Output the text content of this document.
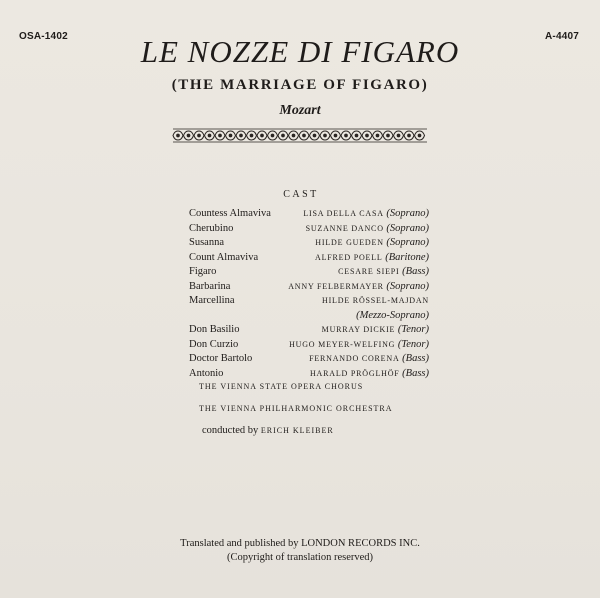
OSA-1402	A-4407
LE NOZZE DI FIGARO
(THE MARRIAGE OF FIGARO)
Mozart
CAST
Countess Almaviva	LISA DELLA CASA (Soprano)
Cherubino	SUZANNE DANCO (Soprano)
Susanna	HILDE GUEDEN (Soprano)
Count Almaviva	ALFRED POELL (Baritone)
Figaro	CESARE SIEPI (Bass)
Barbarina	ANNY FELBERMAYER (Soprano)
Marcellina	HILDE RÖSSEL-MAJDAN
(Mezzo-Soprano)
Don Basilio	MURRAY DICKIE (Tenor)
Don Curzio	HUGO MEYER-WELFING (Tenor)
Doctor Bartolo	FERNANDO CORENA (Bass)
Antonio	HARALD PRÖGLHÖF (Bass)
THE VIENNA STATE OPERA CHORUS
THE VIENNA PHILHARMONIC ORCHESTRA
conducted by ERICH KLEIBER
Translated and published by LONDON RECORDS INC.
(Copyright of translation reserved)
